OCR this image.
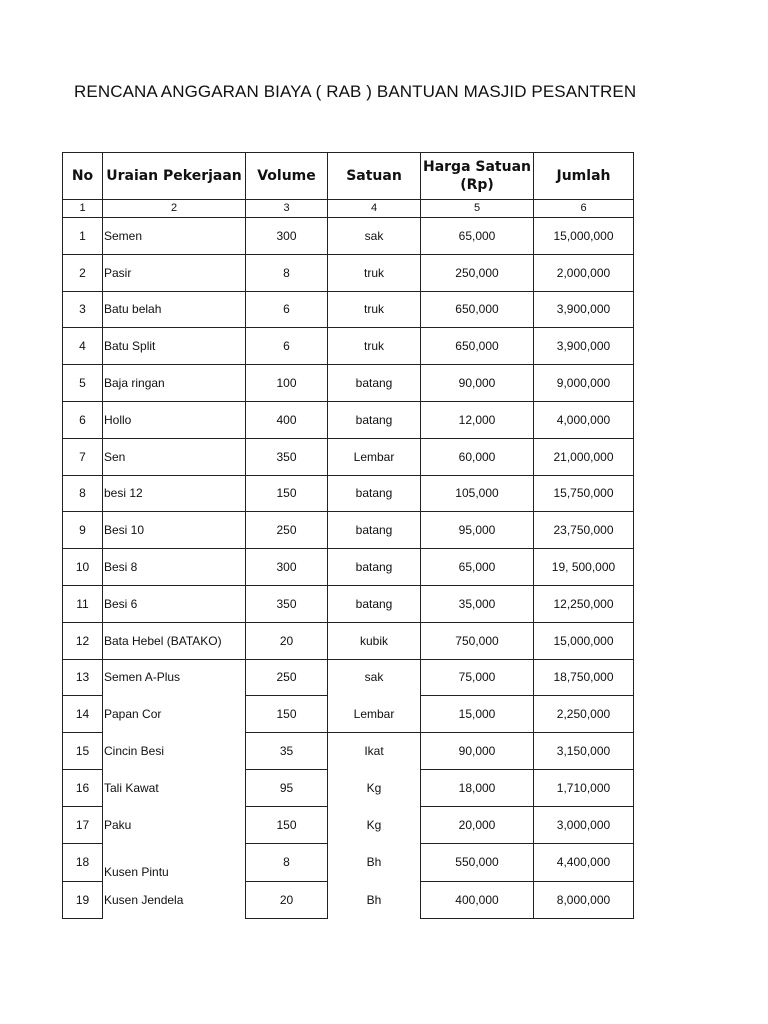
RENCANA ANGGARAN BIAYA ( RAB ) BANTUAN MASJID PESANTREN
No	Uraian Pekerjaan	Volume	Satuan	Harga Satuan (Rp)	Jumlah
1	2	3	4	5	6
1	Semen	300	sak	65,000	15,000,000
2	Pasir	8	truk	250,000	2,000,000
3	Batu belah	6	truk	650,000	3,900,000
4	Batu Split	6	truk	650,000	3,900,000
5	Baja ringan	100	batang	90,000	9,000,000
6	Hollo	400	batang	12,000	4,000,000
7	Sen	350	Lembar	60,000	21,000,000
8	besi 12	150	batang	105,000	15,750,000
9	Besi 10	250	batang	95,000	23,750,000
10	Besi 8	300	batang	65,000	19, 500,000
11	Besi 6	350	batang	35,000	12,250,000
12	Bata Hebel (BATAKO)	20	kubik	750,000	15,000,000
13	Semen A-Plus	250	sak	75,000	18,750,000
14	Papan Cor	150	Lembar	15,000	2,250,000
15	Cincin Besi	35	Ikat	90,000	3,150,000
16	Tali Kawat	95	Kg	18,000	1,710,000
17	Paku	150	Kg	20,000	3,000,000
18	Kusen Pintu	8	Bh	550,000	4,400,000
19	Kusen Jendela	20	Bh	400,000	8,000,000
